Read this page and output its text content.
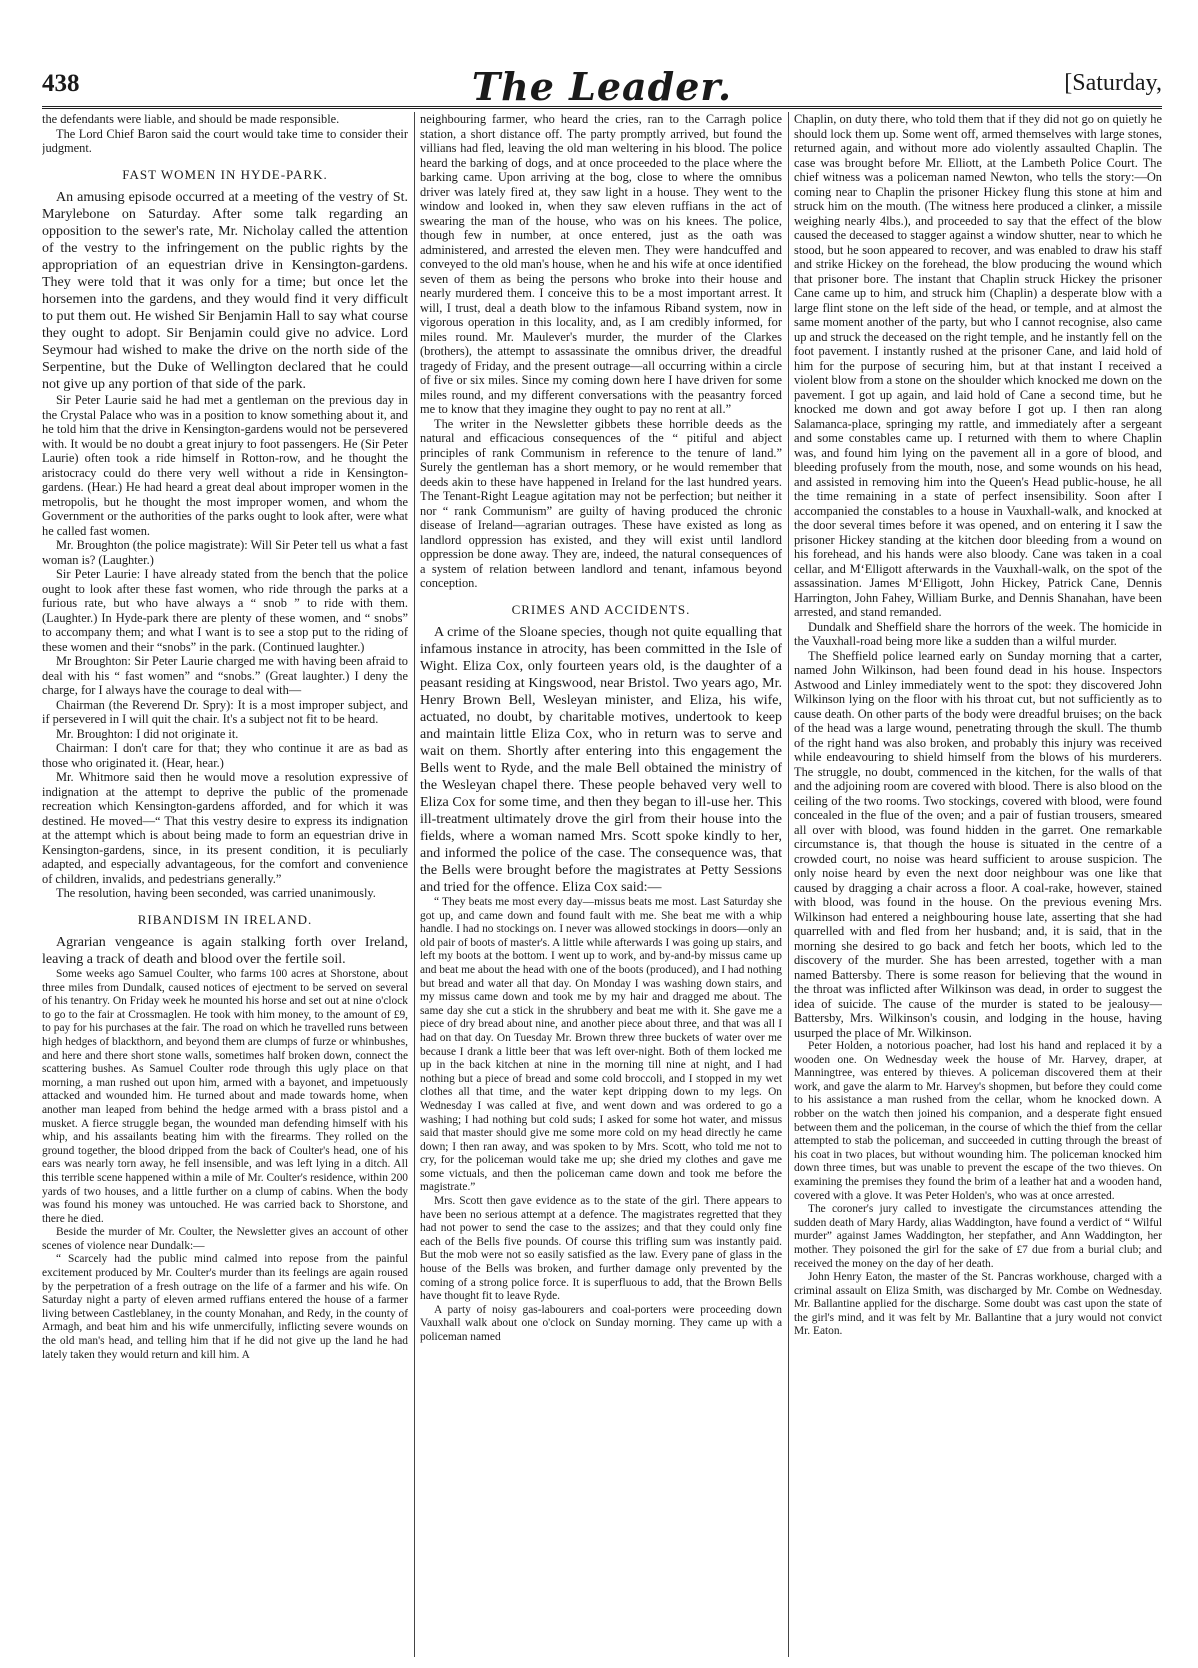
438	The Leader.	[Saturday,

the defendants were liable, and should be made responsible.

The Lord Chief Baron said the court would take time to consider their judgment.

FAST WOMEN IN HYDE-PARK.

An amusing episode occurred at a meeting of the vestry of St. Marylebone on Saturday. After some talk regarding an opposition to the sewer's rate, Mr. Nicholay called the attention of the vestry to the infringement on the public rights by the appropriation of an equestrian drive in Kensington-gardens. They were told that it was only for a time; but once let the horsemen into the gardens, and they would find it very difficult to put them out. He wished Sir Benjamin Hall to say what course they ought to adopt. Sir Benjamin could give no advice. Lord Seymour had wished to make the drive on the north side of the Serpentine, but the Duke of Wellington declared that he could not give up any portion of that side of the park.

Sir Peter Laurie said he had met a gentleman on the previous day in the Crystal Palace who was in a position to know something about it, and he told him that the drive in Kensington-gardens would not be persevered with. It would be no doubt a great injury to foot passengers. He (Sir Peter Laurie) often took a ride himself in Rotton-row, and he thought the aristocracy could do there very well without a ride in Kensington-gardens. (Hear.) He had heard a great deal about improper women in the metropolis, but he thought the most improper women, and whom the Government or the authorities of the parks ought to look after, were what he called fast women.

Mr. Broughton (the police magistrate): Will Sir Peter tell us what a fast woman is? (Laughter.)

Sir Peter Laurie: I have already stated from the bench that the police ought to look after these fast women, who ride through the parks at a furious rate, but who have always a “ snob ” to ride with them. (Laughter.) In Hyde-park there are plenty of these women, and “ snobs” to accompany them; and what I want is to see a stop put to the riding of these women and their “snobs” in the park. (Continued laughter.)

Mr Broughton: Sir Peter Laurie charged me with having been afraid to deal with his “ fast women” and “snobs.” (Great laughter.) I deny the charge, for I always have the courage to deal with—

Chairman (the Reverend Dr. Spry): It is a most improper subject, and if persevered in I will quit the chair. It's a subject not fit to be heard.

Mr. Broughton: I did not originate it.

Chairman: I don't care for that; they who continue it are as bad as those who originated it. (Hear, hear.)

Mr. Whitmore said then he would move a resolution expressive of indignation at the attempt to deprive the public of the promenade recreation which Kensington-gardens afforded, and for which it was destined. He moved—“ That this vestry desire to express its indignation at the attempt which is about being made to form an equestrian drive in Kensington-gardens, since, in its present condition, it is peculiarly adapted, and especially advantageous, for the comfort and convenience of children, invalids, and pedestrians generally.”

The resolution, having been seconded, was carried unanimously.

RIBANDISM IN IRELAND.

Agrarian vengeance is again stalking forth over Ireland, leaving a track of death and blood over the fertile soil.

Some weeks ago Samuel Coulter, who farms 100 acres at Shorstone, about three miles from Dundalk, caused notices of ejectment to be served on several of his tenantry. On Friday week he mounted his horse and set out at nine o'clock to go to the fair at Crossmaglen. He took with him money, to the amount of £9, to pay for his purchases at the fair. The road on which he travelled runs between high hedges of blackthorn, and beyond them are clumps of furze or whinbushes, and here and there short stone walls, sometimes half broken down, connect the scattering bushes. As Samuel Coulter rode through this ugly place on that morning, a man rushed out upon him, armed with a bayonet, and impetuously attacked and wounded him. He turned about and made towards home, when another man leaped from behind the hedge armed with a brass pistol and a musket. A fierce struggle began, the wounded man defending himself with his whip, and his assailants beating him with the firearms. They rolled on the ground together, the blood dripped from the back of Coulter's head, one of his ears was nearly torn away, he fell insensible, and was left lying in a ditch. All this terrible scene happened within a mile of Mr. Coulter's residence, within 200 yards of two houses, and a little further on a clump of cabins. When the body was found his money was untouched. He was carried back to Shorstone, and there he died.

Beside the murder of Mr. Coulter, the Newsletter gives an account of other scenes of violence near Dundalk:—

“ Scarcely had the public mind calmed into repose from the painful excitement produced by Mr. Coulter's murder than its feelings are again roused by the perpetration of a fresh outrage on the life of a farmer and his wife. On Saturday night a party of eleven armed ruffians entered the house of a farmer living between Castleblaney, in the county Monahan, and Redy, in the county of Armagh, and beat him and his wife unmercifully, inflicting severe wounds on the old man's head, and telling him that if he did not give up the land he had lately taken they would return and kill him. A

neighbouring farmer, who heard the cries, ran to the Carragh police station, a short distance off. The party promptly arrived, but found the villians had fled, leaving the old man weltering in his blood. The police heard the barking of dogs, and at once proceeded to the place where the barking came. Upon arriving at the bog, close to where the omnibus driver was lately fired at, they saw light in a house. They went to the window and looked in, when they saw eleven ruffians in the act of swearing the man of the house, who was on his knees. The police, though few in number, at once entered, just as the oath was administered, and arrested the eleven men. They were handcuffed and conveyed to the old man's house, when he and his wife at once identified seven of them as being the persons who broke into their house and nearly murdered them. I conceive this to be a most important arrest. It will, I trust, deal a death blow to the infamous Riband system, now in vigorous operation in this locality, and, as I am credibly informed, for miles round. Mr. Maulever's murder, the murder of the Clarkes (brothers), the attempt to assassinate the omnibus driver, the dreadful tragedy of Friday, and the present outrage—all occurring within a circle of five or six miles. Since my coming down here I have driven for some miles round, and my different conversations with the peasantry forced me to know that they imagine they ought to pay no rent at all.”

The writer in the Newsletter gibbets these horrible deeds as the natural and efficacious consequences of the “ pitiful and abject principles of rank Communism in reference to the tenure of land.” Surely the gentleman has a short memory, or he would remember that deeds akin to these have happened in Ireland for the last hundred years. The Tenant-Right League agitation may not be perfection; but neither it nor “ rank Communism” are guilty of having produced the chronic disease of Ireland—agrarian outrages. These have existed as long as landlord oppression has existed, and they will exist until landlord oppression be done away. They are, indeed, the natural consequences of a system of relation between landlord and tenant, infamous beyond conception.

CRIMES AND ACCIDENTS.

A crime of the Sloane species, though not quite equalling that infamous instance in atrocity, has been committed in the Isle of Wight. Eliza Cox, only fourteen years old, is the daughter of a peasant residing at Kingswood, near Bristol. Two years ago, Mr. Henry Brown Bell, Wesleyan minister, and Eliza, his wife, actuated, no doubt, by charitable motives, undertook to keep and maintain little Eliza Cox, who in return was to serve and wait on them. Shortly after entering into this engagement the Bells went to Ryde, and the male Bell obtained the ministry of the Wesleyan chapel there. These people behaved very well to Eliza Cox for some time, and then they began to ill-use her. This ill-treatment ultimately drove the girl from their house into the fields, where a woman named Mrs. Scott spoke kindly to her, and informed the police of the case. The consequence was, that the Bells were brought before the magistrates at Petty Sessions and tried for the offence. Eliza Cox said:—

“ They beats me most every day—missus beats me most. Last Saturday she got up, and came down and found fault with me. She beat me with a whip handle. I had no stockings on. I never was allowed stockings in doors—only an old pair of boots of master's. A little while afterwards I was going up stairs, and left my boots at the bottom. I went up to work, and by-and-by missus came up and beat me about the head with one of the boots (produced), and I had nothing but bread and water all that day. On Monday I was washing down stairs, and my missus came down and took me by my hair and dragged me about. The same day she cut a stick in the shrubbery and beat me with it. She gave me a piece of dry bread about nine, and another piece about three, and that was all I had on that day. On Tuesday Mr. Brown threw three buckets of water over me because I drank a little beer that was left over-night. Both of them locked me up in the back kitchen at nine in the morning till nine at night, and I had nothing but a piece of bread and some cold broccoli, and I stopped in my wet clothes all that time, and the water kept dripping down to my legs. On Wednesday I was called at five, and went down and was ordered to go a washing; I had nothing but cold suds; I asked for some hot water, and missus said that master should give me some more cold on my head directly he came down; I then ran away, and was spoken to by Mrs. Scott, who told me not to cry, for the policeman would take me up; she dried my clothes and gave me some victuals, and then the policeman came down and took me before the magistrate.”

Mrs. Scott then gave evidence as to the state of the girl. There appears to have been no serious attempt at a defence. The magistrates regretted that they had not power to send the case to the assizes; and that they could only fine each of the Bells five pounds. Of course this trifling sum was instantly paid. But the mob were not so easily satisfied as the law. Every pane of glass in the house of the Bells was broken, and further damage only prevented by the coming of a strong police force. It is superfluous to add, that the Brown Bells have thought fit to leave Ryde.

A party of noisy gas-labourers and coal-porters were proceeding down Vauxhall walk about one o'clock on Sunday morning. They came up with a policeman named

Chaplin, on duty there, who told them that if they did not go on quietly he should lock them up. Some went off, armed themselves with large stones, returned again, and without more ado violently assaulted Chaplin. The case was brought before Mr. Elliott, at the Lambeth Police Court. The chief witness was a policeman named Newton, who tells the story:—On coming near to Chaplin the prisoner Hickey flung this stone at him and struck him on the mouth. (The witness here produced a clinker, a missile weighing nearly 4lbs.), and proceeded to say that the effect of the blow caused the deceased to stagger against a window shutter, near to which he stood, but he soon appeared to recover, and was enabled to draw his staff and strike Hickey on the forehead, the blow producing the wound which that prisoner bore. The instant that Chaplin struck Hickey the prisoner Cane came up to him, and struck him (Chaplin) a desperate blow with a large flint stone on the left side of the head, or temple, and at almost the same moment another of the party, but who I cannot recognise, also came up and struck the deceased on the right temple, and he instantly fell on the foot pavement. I instantly rushed at the prisoner Cane, and laid hold of him for the purpose of securing him, but at that instant I received a violent blow from a stone on the shoulder which knocked me down on the pavement. I got up again, and laid hold of Cane a second time, but he knocked me down and got away before I got up. I then ran along Salamanca-place, springing my rattle, and immediately after a sergeant and some constables came up. I returned with them to where Chaplin was, and found him lying on the pavement all in a gore of blood, and bleeding profusely from the mouth, nose, and some wounds on his head, and assisted in removing him into the Queen's Head public-house, he all the time remaining in a state of perfect insensibility. Soon after I accompanied the constables to a house in Vauxhall-walk, and knocked at the door several times before it was opened, and on entering it I saw the prisoner Hickey standing at the kitchen door bleeding from a wound on his forehead, and his hands were also bloody. Cane was taken in a coal cellar, and M‘Elligott afterwards in the Vauxhall-walk, on the spot of the assassination. James M‘Elligott, John Hickey, Patrick Cane, Dennis Harrington, John Fahey, William Burke, and Dennis Shanahan, have been arrested, and stand remanded.

Dundalk and Sheffield share the horrors of the week. The homicide in the Vauxhall-road being more like a sudden than a wilful murder.

The Sheffield police learned early on Sunday morning that a carter, named John Wilkinson, had been found dead in his house. Inspectors Astwood and Linley immediately went to the spot: they discovered John Wilkinson lying on the floor with his throat cut, but not sufficiently as to cause death. On other parts of the body were dreadful bruises; on the back of the head was a large wound, penetrating through the skull. The thumb of the right hand was also broken, and probably this injury was received while endeavouring to shield himself from the blows of his murderers. The struggle, no doubt, commenced in the kitchen, for the walls of that and the adjoining room are covered with blood. There is also blood on the ceiling of the two rooms. Two stockings, covered with blood, were found concealed in the flue of the oven; and a pair of fustian trousers, smeared all over with blood, was found hidden in the garret. One remarkable circumstance is, that though the house is situated in the centre of a crowded court, no noise was heard sufficient to arouse suspicion. The only noise heard by even the next door neighbour was one like that caused by dragging a chair across a floor. A coal-rake, however, stained with blood, was found in the house. On the previous evening Mrs. Wilkinson had entered a neighbouring house late, asserting that she had quarrelled with and fled from her husband; and, it is said, that in the morning she desired to go back and fetch her boots, which led to the discovery of the murder. She has been arrested, together with a man named Battersby. There is some reason for believing that the wound in the throat was inflicted after Wilkinson was dead, in order to suggest the idea of suicide. The cause of the murder is stated to be jealousy—Battersby, Mrs. Wilkinson's cousin, and lodging in the house, having usurped the place of Mr. Wilkinson.

Peter Holden, a notorious poacher, had lost his hand and replaced it by a wooden one. On Wednesday week the house of Mr. Harvey, draper, at Manningtree, was entered by thieves. A policeman discovered them at their work, and gave the alarm to Mr. Harvey's shopmen, but before they could come to his assistance a man rushed from the cellar, whom he knocked down. A robber on the watch then joined his companion, and a desperate fight ensued between them and the policeman, in the course of which the thief from the cellar attempted to stab the policeman, and succeeded in cutting through the breast of his coat in two places, but without wounding him. The policeman knocked him down three times, but was unable to prevent the escape of the two thieves. On examining the premises they found the brim of a leather hat and a wooden hand, covered with a glove. It was Peter Holden's, who was at once arrested.

The coroner's jury called to investigate the circumstances attending the sudden death of Mary Hardy, alias Waddington, have found a verdict of “ Wilful murder” against James Waddington, her stepfather, and Ann Waddington, her mother. They poisoned the girl for the sake of £7 due from a burial club; and received the money on the day of her death.

John Henry Eaton, the master of the St. Pancras workhouse, charged with a criminal assault on Eliza Smith, was discharged by Mr. Combe on Wednesday. Mr. Ballantine applied for the discharge. Some doubt was cast upon the state of the girl's mind, and it was felt by Mr. Ballantine that a jury would not convict Mr. Eaton.
